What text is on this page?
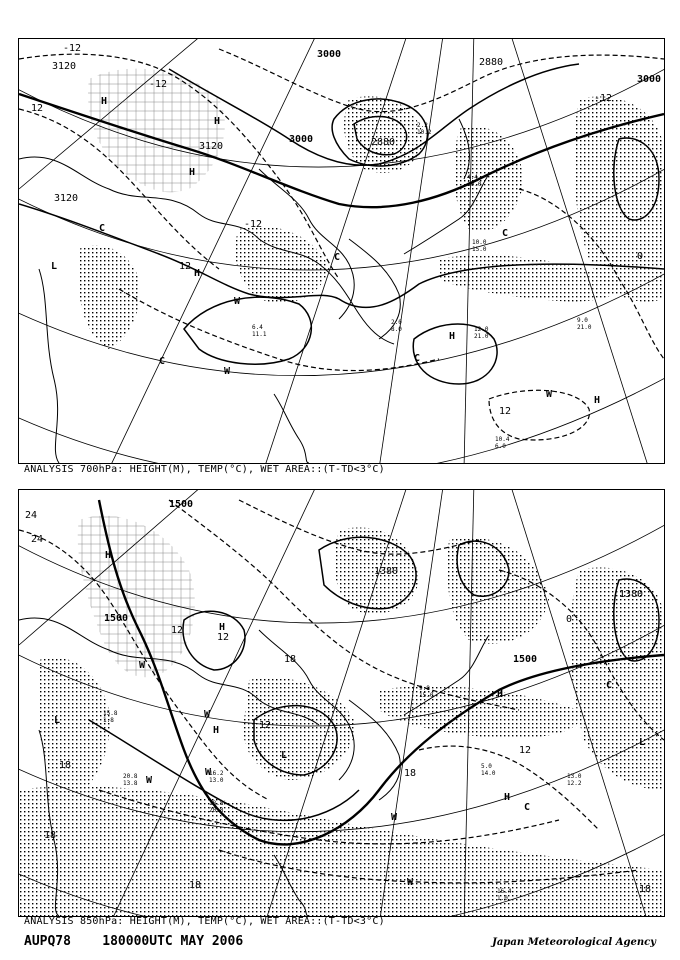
3120
3120
3120
3000
3000
3000
2880
2880
-12
12
-12
-12
12
-12
0
12
H
H
H
H
C
C
L
H
C
W
W
W
H
C
C
2.2
10.2
4.4
10.0
6.4
11.1
10.0
15.0
9.0
21.0
2.0
8.0	12.0
21.0
10.4
6.0
ANALYSIS 700hPa: HEIGHT(M), TEMP(°C), WET AREA::(T-TD<3°C)
1500
1500
1500
1380
1380
24
24
12
12
18
18
18
12
18	18
0
18
12
H
H
H
H
L
L
W
W
W
W
W
W
C
C
H
L
15.8
1.8
20.8
13.8
18.8
20.8
16.2
13.0
5.0
14.0
9.8
15.0
16.4
1.0
13.0
12.2
ANALYSIS 850hPa: HEIGHT(M), TEMP(°C), WET AREA::(T-TD<3°C)
AUPQ78 180000UTC MAY 2006	Japan Meteorological Agency
